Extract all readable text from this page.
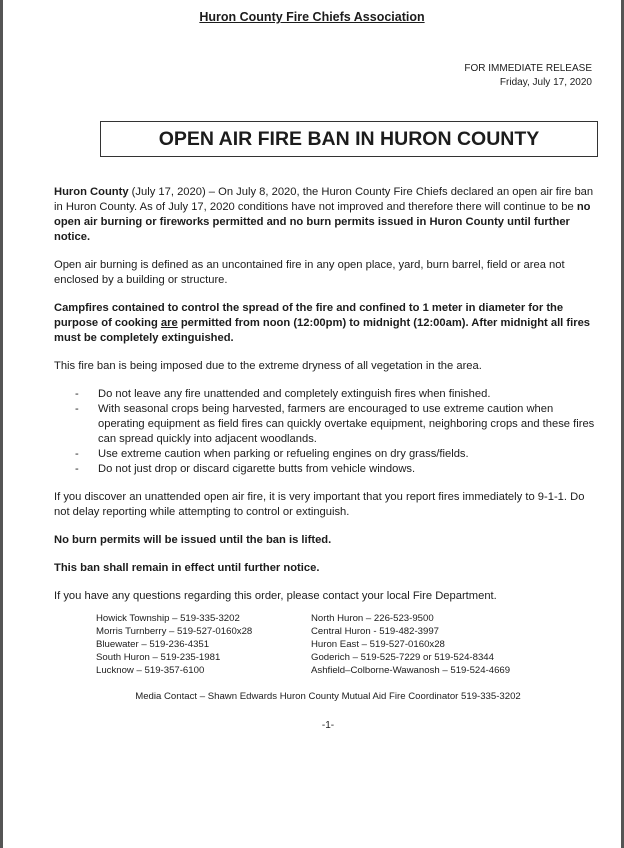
Huron County Fire Chiefs Association
FOR IMMEDIATE RELEASE
Friday, July 17, 2020
OPEN AIR FIRE BAN IN HURON COUNTY

Huron County (July 17, 2020) – On July 8, 2020, the Huron County Fire Chiefs declared an open air fire ban in Huron County. As of July 17, 2020 conditions have not improved and therefore there will continue to be no open air burning or fireworks permitted and no burn permits issued in Huron County until further notice.

Open air burning is defined as an uncontained fire in any open place, yard, burn barrel, field or area not enclosed by a building or structure.

Campfires contained to control the spread of the fire and confined to 1 meter in diameter for the purpose of cooking are permitted from noon (12:00pm) to midnight (12:00am). After midnight all fires must be completely extinguished.

This fire ban is being imposed due to the extreme dryness of all vegetation in the area.

- Do not leave any fire unattended and completely extinguish fires when finished.
- With seasonal crops being harvested, farmers are encouraged to use extreme caution when operating equipment as field fires can quickly overtake equipment, neighboring crops and these fires can spread quickly into adjacent woodlands.
- Use extreme caution when parking or refueling engines on dry grass/fields.
- Do not just drop or discard cigarette butts from vehicle windows.

If you discover an unattended open air fire, it is very important that you report fires immediately to 9-1-1. Do not delay reporting while attempting to control or extinguish.

No burn permits will be issued until the ban is lifted.

This ban shall remain in effect until further notice.

If you have any questions regarding this order, please contact your local Fire Department.

Howick Township – 519-335-3202
Morris Turnberry – 519-527-0160x28
Bluewater – 519-236-4351
South Huron – 519-235-1981
Lucknow – 519-357-6100
North Huron – 226-523-9500
Central Huron - 519-482-3997
Huron East – 519-527-0160x28
Goderich – 519-525-7229 or 519-524-8344
Ashfield–Colborne-Wawanosh – 519-524-4669
Media Contact – Shawn Edwards Huron County Mutual Aid Fire Coordinator 519-335-3202
-1-
